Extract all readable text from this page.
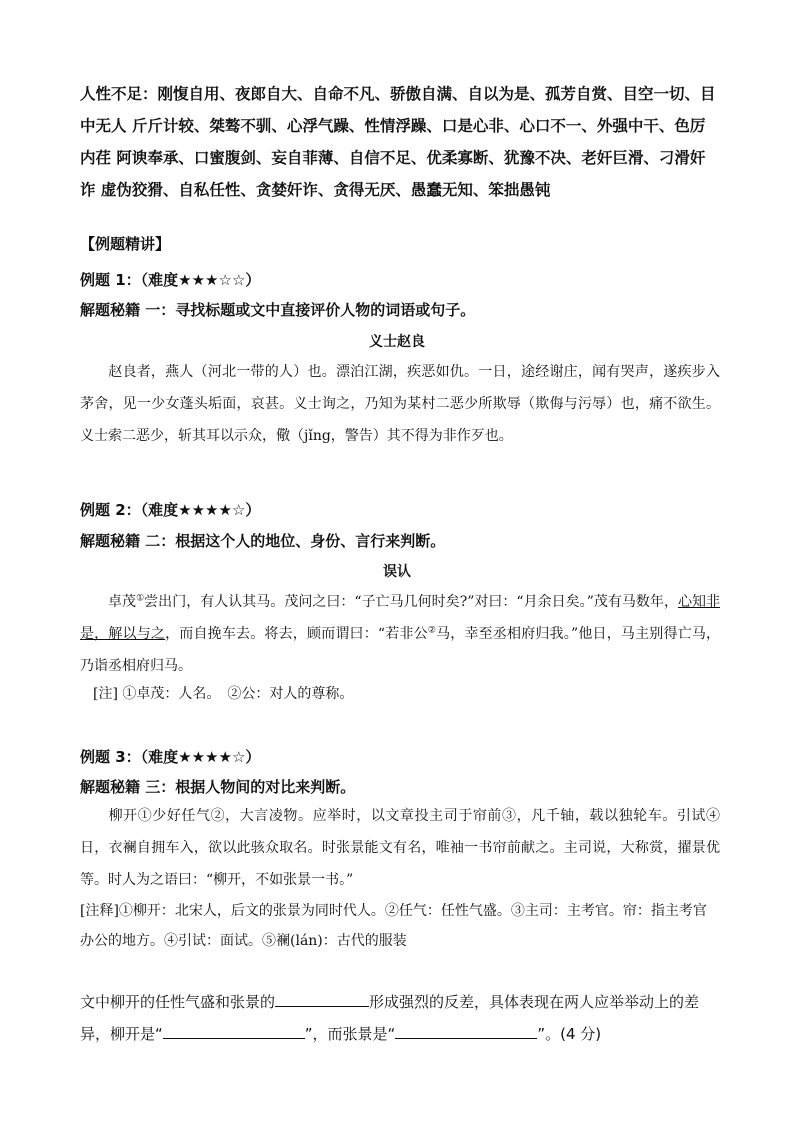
人性不足：刚愎自用、夜郎自大、自命不凡、骄傲自满、自以为是、孤芳自赏、目空一切、目中无人 斤斤计较、桀骜不驯、心浮气躁、性情浮躁、口是心非、心口不一、外强中干、色厉内荏 阿谀奉承、口蜜腹剑、妄自菲薄、自信不足、优柔寡断、犹豫不决、老奸巨滑、刁滑奸诈 虚伪狡猾、自私任性、贪婪奸诈、贪得无厌、愚蠢无知、笨拙愚钝
【例题精讲】
例题 1：（难度★★★☆☆）
解题秘籍 一：寻找标题或文中直接评价人物的词语或句子。
义士赵良
赵良者，燕人（河北一带的人）也。漂泊江湖，疾恶如仇。一日，途经谢庄，闻有哭声，遂疾步入茅舍，见一少女蓬头垢面，哀甚。义士询之，乃知为某村二恶少所欺辱（欺侮与污辱）也，痛不欲生。义士索二恶少，斩其耳以示众，儆（jǐng，警告）其不得为非作歹也。
例题 2：（难度★★★★☆）
解题秘籍 二：根据这个人的地位、身份、言行来判断。
误认
卓茂①尝出门，有人认其马。茂问之曰：“子亡马几何时矣?”对曰：“月余日矣。”茂有马数年，心知非是，解以与之，而自挽车去。将去，顾而谓曰：“若非公②马，幸至丞相府归我。”他日，马主别得亡马，乃诣丞相府归马。
[注] ①卓茂：人名。　②公：对人的尊称。
例题 3：（难度★★★★☆）
解题秘籍 三：根据人物间的对比来判断。
柳开①少好任气②，大言凌物。应举时，以文章投主司于帘前③，凡千轴，载以独轮车。引试④日，衣襕自拥车入，欲以此骇众取名。时张景能文有名，唯袖一书帘前献之。主司说，大称赏，擢景优等。时人为之语曰：“柳开，不如张景一书。”
[注释]①柳开：北宋人，后文的张景为同时代人。②任气：任性气盛。③主司：主考官。帘：指主考官办公的地方。④引试：面试。⑤襕(lán)：古代的服装
文中柳开的任性气盛和张景的	形成强烈的反差，具体表现在两人应举举动上的差异，柳开是“	”，而张景是“	”。(4 分)
